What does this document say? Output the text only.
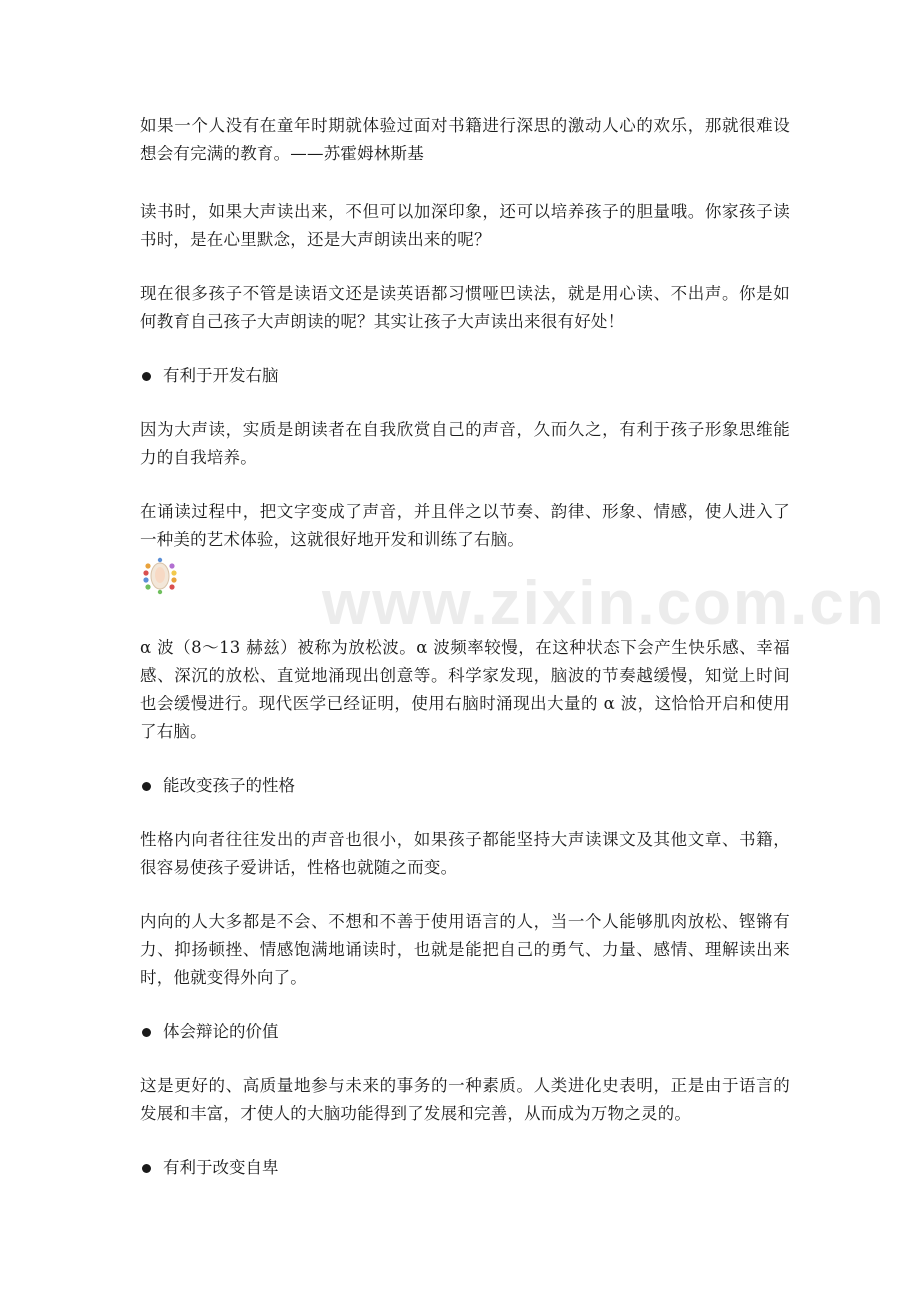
www.zixin.com.cn

如果一个人没有在童年时期就体验过面对书籍进行深思的激动人心的欢乐，那就很难设想会有完满的教育。——苏霍姆林斯基

读书时，如果大声读出来，不但可以加深印象，还可以培养孩子的胆量哦。你家孩子读书时，是在心里默念，还是大声朗读出来的呢？

现在很多孩子不管是读语文还是读英语都习惯哑巴读法，就是用心读、不出声。你是如何教育自己孩子大声朗读的呢？其实让孩子大声读出来很有好处！

有利于开发右脑

因为大声读，实质是朗读者在自我欣赏自己的声音，久而久之，有利于孩子形象思维能力的自我培养。

在诵读过程中，把文字变成了声音，并且伴之以节奏、韵律、形象、情感，使人进入了一种美的艺术体验，这就很好地开发和训练了右脑。

α 波（8～13 赫兹）被称为放松波。α 波频率较慢，在这种状态下会产生快乐感、幸福感、深沉的放松、直觉地涌现出创意等。科学家发现，脑波的节奏越缓慢，知觉上时间也会缓慢进行。现代医学已经证明，使用右脑时涌现出大量的 α 波，这恰恰开启和使用了右脑。

能改变孩子的性格

性格内向者往往发出的声音也很小，如果孩子都能坚持大声读课文及其他文章、书籍，很容易使孩子爱讲话，性格也就随之而变。

内向的人大多都是不会、不想和不善于使用语言的人，当一个人能够肌肉放松、铿锵有力、抑扬顿挫、情感饱满地诵读时，也就是能把自己的勇气、力量、感情、理解读出来时，他就变得外向了。

体会辩论的价值

这是更好的、高质量地参与未来的事务的一种素质。人类进化史表明，正是由于语言的发展和丰富，才使人的大脑功能得到了发展和完善，从而成为万物之灵的。

有利于改变自卑
